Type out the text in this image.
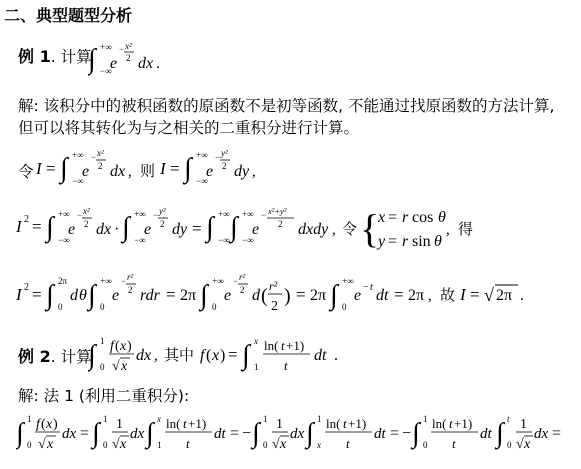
二、典型题型分析
例 1. 计算
∫ +∞
−∞
e
− x²
2 dx .
解: 该积分中的被积函数的原函数不是初等函数, 不能通过找原函数的方法计算,
但可以将其转化为与之相关的二重积分进行计算。
令 I = ∫ +∞
−∞
e
− x²
2 dx , 则 I = ∫ +∞
−∞
e
− y²
2 dy ,
I 2 = ∫ +∞
−∞
e
− x²
2 dx · ∫ +∞
−∞
e
− y²
2 dy = ∫ +∞
−∞ ∫ +∞
−∞
e
− x²+y²
2 dxdy , 令 {
x = r cos θ
y = r sin θ
, 得
I 2 = ∫ 2π
0
d θ ∫ +∞
0
e
− r²
2 rdr = 2π ∫ +∞
0
e
− r²
2 d ( r²
2 ) = 2π ∫ +∞
0
e − t dt = 2π , 故 I = √ 2π .
例 2. 计算
∫ 1
0
f ( x )
√ x
dx , 其中 f ( x ) = ∫ x
1
ln( t +1)
t
dt .
解: 法 1 (利用二重积分):
∫ 1
0
f ( x )
√ x
dx = ∫ 1
0
1
√ x
dx ∫ x
1
ln( t +1)
t
dt = − ∫ 1
0
1
√ x
dx ∫ 1
x
ln( t +1)
t
dt = − ∫ 1
0
ln( t +1)
t
dt ∫ t
0
1
√ x
dx =
